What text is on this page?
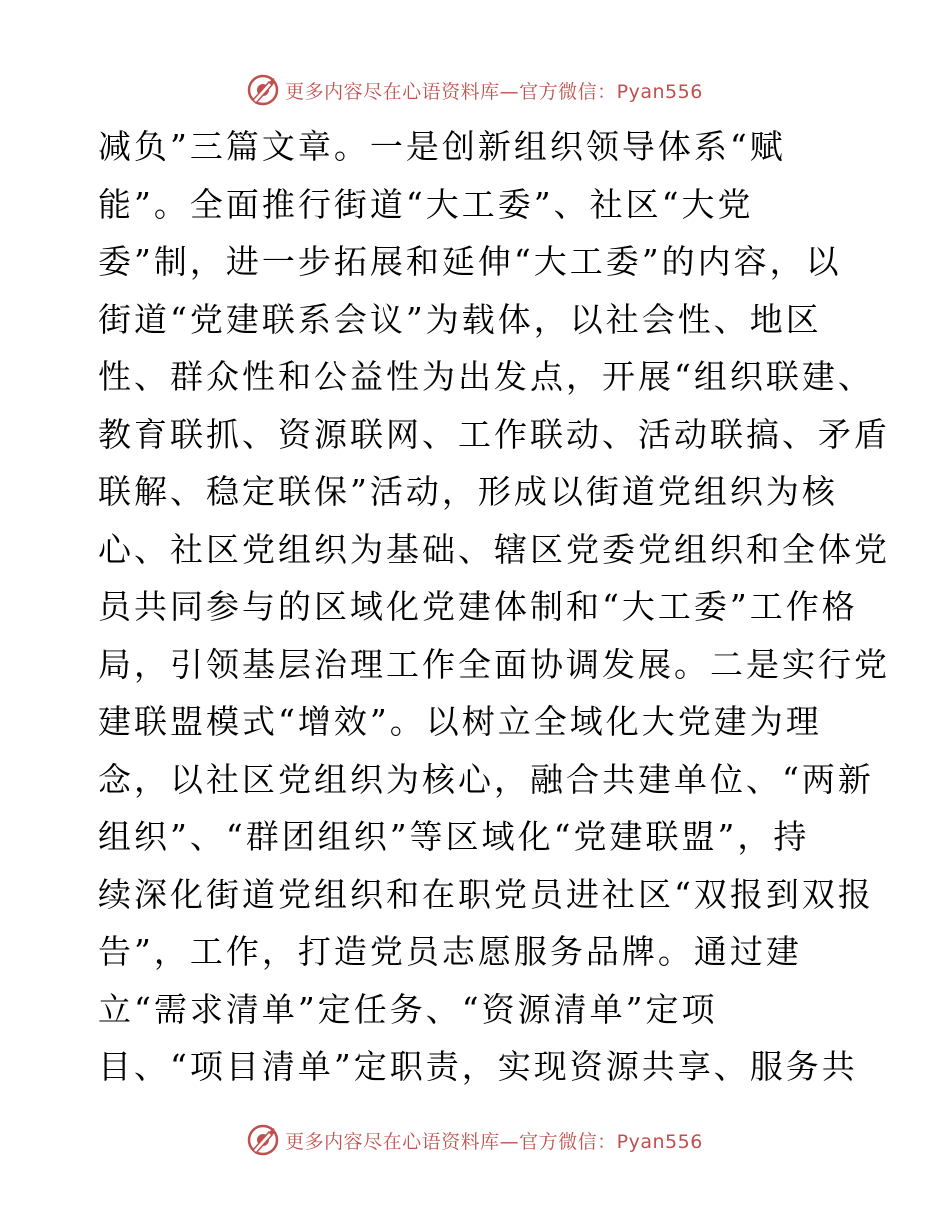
更多内容尽在心语资料库—官方微信：Pyan556
减负”三篇文章。一是创新组织领导体系“赋
能”。全面推行街道“大工委”、社区“大党
委”制，进一步拓展和延伸“大工委”的内容，以
街道“党建联系会议”为载体，以社会性、地区
性、群众性和公益性为出发点，开展“组织联建、
教育联抓、资源联网、工作联动、活动联搞、矛盾
联解、稳定联保”活动，形成以街道党组织为核
心、社区党组织为基础、辖区党委党组织和全体党
员共同参与的区域化党建体制和“大工委”工作格
局，引领基层治理工作全面协调发展。二是实行党
建联盟模式“增效”。以树立全域化大党建为理
念，以社区党组织为核心，融合共建单位、“两新
组织”、“群团组织”等区域化“党建联盟”，持
续深化街道党组织和在职党员进社区“双报到双报
告”，工作，打造党员志愿服务品牌。通过建
立“需求清单”定任务、“资源清单”定项
目、“项目清单”定职责，实现资源共享、服务共
更多内容尽在心语资料库—官方微信：Pyan556
